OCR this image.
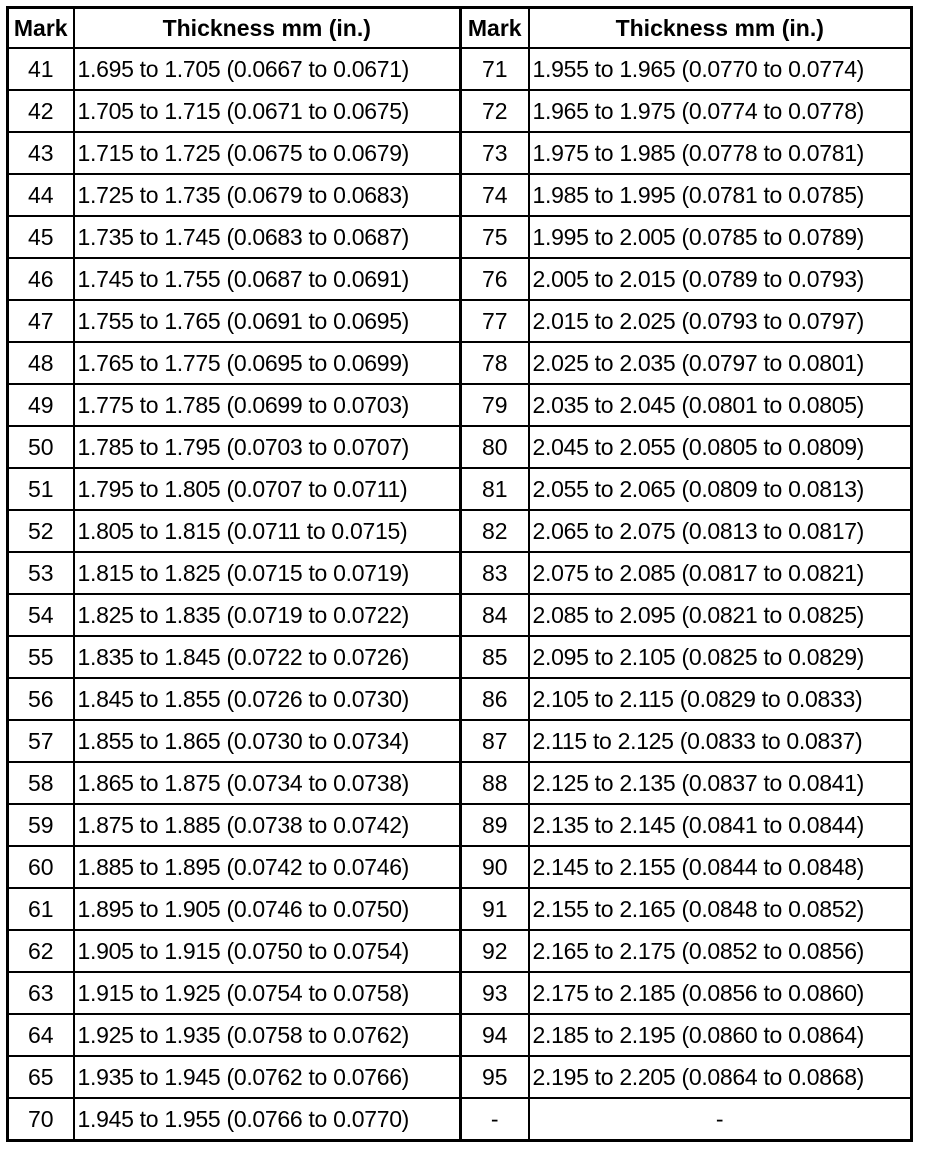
Mark	Thickness mm (in.)	Mark	Thickness mm (in.)
41	1.695 to 1.705 (0.0667 to 0.0671)	71	1.955 to 1.965 (0.0770 to 0.0774)
42	1.705 to 1.715 (0.0671 to 0.0675)	72	1.965 to 1.975 (0.0774 to 0.0778)
43	1.715 to 1.725 (0.0675 to 0.0679)	73	1.975 to 1.985 (0.0778 to 0.0781)
44	1.725 to 1.735 (0.0679 to 0.0683)	74	1.985 to 1.995 (0.0781 to 0.0785)
45	1.735 to 1.745 (0.0683 to 0.0687)	75	1.995 to 2.005 (0.0785 to 0.0789)
46	1.745 to 1.755 (0.0687 to 0.0691)	76	2.005 to 2.015 (0.0789 to 0.0793)
47	1.755 to 1.765 (0.0691 to 0.0695)	77	2.015 to 2.025 (0.0793 to 0.0797)
48	1.765 to 1.775 (0.0695 to 0.0699)	78	2.025 to 2.035 (0.0797 to 0.0801)
49	1.775 to 1.785 (0.0699 to 0.0703)	79	2.035 to 2.045 (0.0801 to 0.0805)
50	1.785 to 1.795 (0.0703 to 0.0707)	80	2.045 to 2.055 (0.0805 to 0.0809)
51	1.795 to 1.805 (0.0707 to 0.0711)	81	2.055 to 2.065 (0.0809 to 0.0813)
52	1.805 to 1.815 (0.0711 to 0.0715)	82	2.065 to 2.075 (0.0813 to 0.0817)
53	1.815 to 1.825 (0.0715 to 0.0719)	83	2.075 to 2.085 (0.0817 to 0.0821)
54	1.825 to 1.835 (0.0719 to 0.0722)	84	2.085 to 2.095 (0.0821 to 0.0825)
55	1.835 to 1.845 (0.0722 to 0.0726)	85	2.095 to 2.105 (0.0825 to 0.0829)
56	1.845 to 1.855 (0.0726 to 0.0730)	86	2.105 to 2.115 (0.0829 to 0.0833)
57	1.855 to 1.865 (0.0730 to 0.0734)	87	2.115 to 2.125 (0.0833 to 0.0837)
58	1.865 to 1.875 (0.0734 to 0.0738)	88	2.125 to 2.135 (0.0837 to 0.0841)
59	1.875 to 1.885 (0.0738 to 0.0742)	89	2.135 to 2.145 (0.0841 to 0.0844)
60	1.885 to 1.895 (0.0742 to 0.0746)	90	2.145 to 2.155 (0.0844 to 0.0848)
61	1.895 to 1.905 (0.0746 to 0.0750)	91	2.155 to 2.165 (0.0848 to 0.0852)
62	1.905 to 1.915 (0.0750 to 0.0754)	92	2.165 to 2.175 (0.0852 to 0.0856)
63	1.915 to 1.925 (0.0754 to 0.0758)	93	2.175 to 2.185 (0.0856 to 0.0860)
64	1.925 to 1.935 (0.0758 to 0.0762)	94	2.185 to 2.195 (0.0860 to 0.0864)
65	1.935 to 1.945 (0.0762 to 0.0766)	95	2.195 to 2.205 (0.0864 to 0.0868)
70	1.945 to 1.955 (0.0766 to 0.0770)	-	-
